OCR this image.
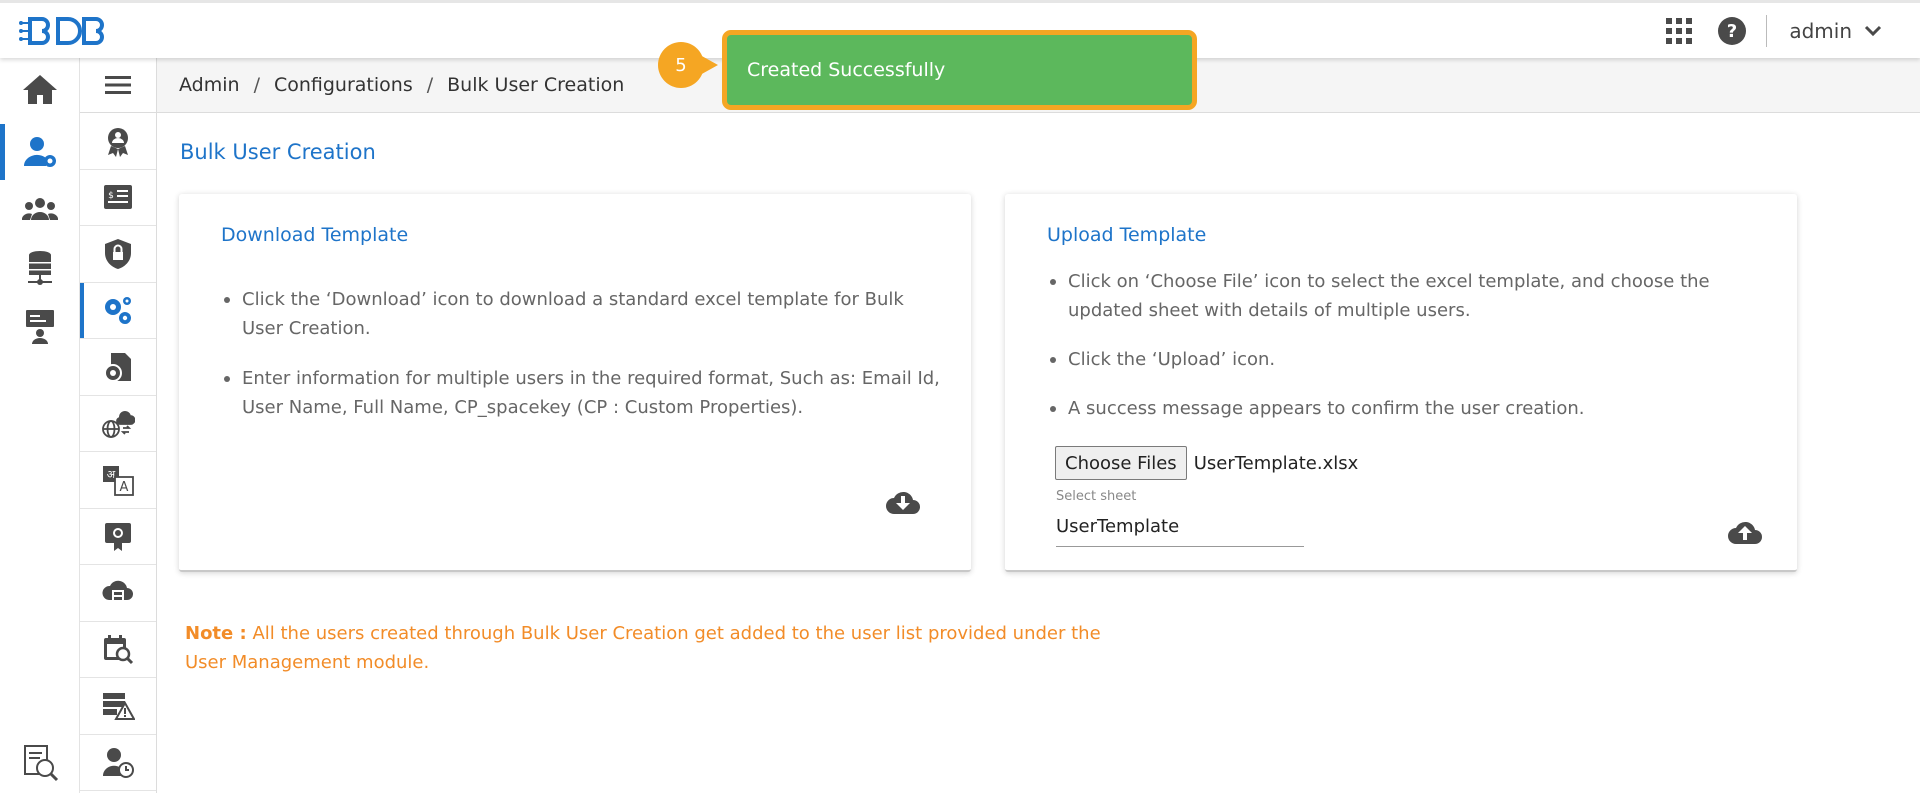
?	admin
$
अ
A
Admin / Configurations / Bulk User Creation
5	Created Successfully
Bulk User Creation
Download Template
Click the ‘Download’ icon to download a standard excel template for Bulk User Creation.
Enter information for multiple users in the required format, Such as: Email Id, User Name, Full Name, CP_spacekey (CP : Custom Properties).
Upload Template
Click on ‘Choose File’ icon to select the excel template, and choose the updated sheet with details of multiple users.
Click the ‘Upload’ icon.
A success message appears to confirm the user creation.
Choose Files UserTemplate.xlsx
Select sheet
UserTemplate
Note : All the users created through Bulk User Creation get added to the user list provided under the User Management module.
